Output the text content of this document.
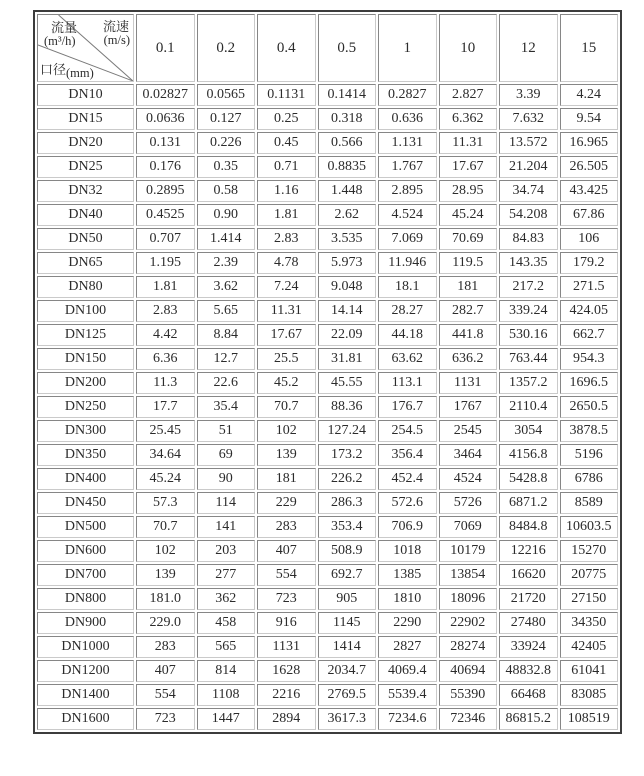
流量
(m³/h)
流速
(m/s)
口径(mm)	0.1	0.2	0.4	0.5	1	10	12	15
DN10	0.02827	0.0565	0.1131	0.1414	0.2827	2.827	3.39	4.24
DN15	0.0636	0.127	0.25	0.318	0.636	6.362	7.632	9.54
DN20	0.131	0.226	0.45	0.566	1.131	11.31	13.572	16.965
DN25	0.176	0.35	0.71	0.8835	1.767	17.67	21.204	26.505
DN32	0.2895	0.58	1.16	1.448	2.895	28.95	34.74	43.425
DN40	0.4525	0.90	1.81	2.62	4.524	45.24	54.208	67.86
DN50	0.707	1.414	2.83	3.535	7.069	70.69	84.83	106
DN65	1.195	2.39	4.78	5.973	11.946	119.5	143.35	179.2
DN80	1.81	3.62	7.24	9.048	18.1	181	217.2	271.5
DN100	2.83	5.65	11.31	14.14	28.27	282.7	339.24	424.05
DN125	4.42	8.84	17.67	22.09	44.18	441.8	530.16	662.7
DN150	6.36	12.7	25.5	31.81	63.62	636.2	763.44	954.3
DN200	11.3	22.6	45.2	45.55	113.1	1131	1357.2	1696.5
DN250	17.7	35.4	70.7	88.36	176.7	1767	2110.4	2650.5
DN300	25.45	51	102	127.24	254.5	2545	3054	3878.5
DN350	34.64	69	139	173.2	356.4	3464	4156.8	5196
DN400	45.24	90	181	226.2	452.4	4524	5428.8	6786
DN450	57.3	114	229	286.3	572.6	5726	6871.2	8589
DN500	70.7	141	283	353.4	706.9	7069	8484.8	10603.5
DN600	102	203	407	508.9	1018	10179	12216	15270
DN700	139	277	554	692.7	1385	13854	16620	20775
DN800	181.0	362	723	905	1810	18096	21720	27150
DN900	229.0	458	916	1145	2290	22902	27480	34350
DN1000	283	565	1131	1414	2827	28274	33924	42405
DN1200	407	814	1628	2034.7	4069.4	40694	48832.8	61041
DN1400	554	1108	2216	2769.5	5539.4	55390	66468	83085
DN1600	723	1447	2894	3617.3	7234.6	72346	86815.2	108519
